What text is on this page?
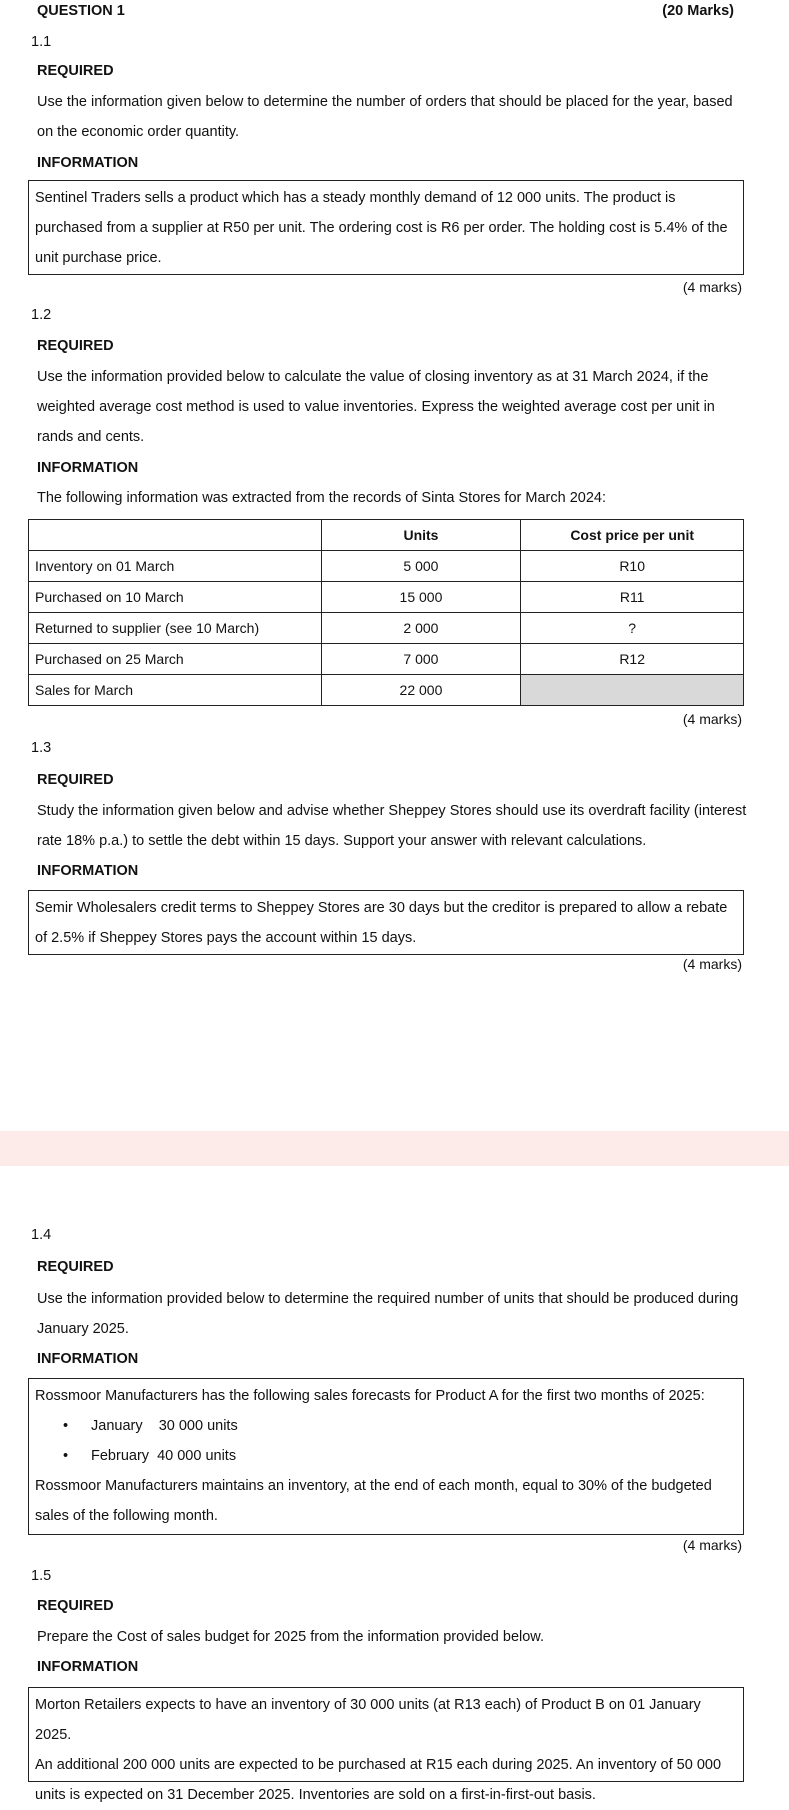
QUESTION 1	(20 Marks)
1.1
REQUIRED
Use the information given below to determine the number of orders that should be placed for the year, based
on the economic order quantity.
INFORMATION
Sentinel Traders sells a product which has a steady monthly demand of 12 000 units. The product is
purchased from a supplier at R50 per unit. The ordering cost is R6 per order. The holding cost is 5.4% of the
unit purchase price.
(4 marks)
1.2
REQUIRED
Use the information provided below to calculate the value of closing inventory as at 31 March 2024, if the
weighted average cost method is used to value inventories. Express the weighted average cost per unit in
rands and cents.
INFORMATION
The following information was extracted from the records of Sinta Stores for March 2024:
	Units	Cost price per unit
Inventory on 01 March	5 000	R10
Purchased on 10 March	15 000	R11
Returned to supplier (see 10 March)	2 000	?
Purchased on 25 March	7 000	R12
Sales for March	22 000	
(4 marks)
1.3
REQUIRED
Study the information given below and advise whether Sheppey Stores should use its overdraft facility (interest
rate 18% p.a.) to settle the debt within 15 days. Support your answer with relevant calculations.
INFORMATION
Semir Wholesalers credit terms to Sheppey Stores are 30 days but the creditor is prepared to allow a rebate
of 2.5% if Sheppey Stores pays the account within 15 days.
(4 marks)
1.4
REQUIRED
Use the information provided below to determine the required number of units that should be produced during
January 2025.
INFORMATION
Rossmoor Manufacturers has the following sales forecasts for Product A for the first two months of 2025:
• January    30 000 units
• February  40 000 units
Rossmoor Manufacturers maintains an inventory, at the end of each month, equal to 30% of the budgeted
sales of the following month.
(4 marks)
1.5
REQUIRED
Prepare the Cost of sales budget for 2025 from the information provided below.
INFORMATION
Morton Retailers expects to have an inventory of 30 000 units (at R13 each) of Product B on 01 January 2025.
An additional 200 000 units are expected to be purchased at R15 each during 2025. An inventory of 50 000
units is expected on 31 December 2025. Inventories are sold on a first-in-first-out basis.
